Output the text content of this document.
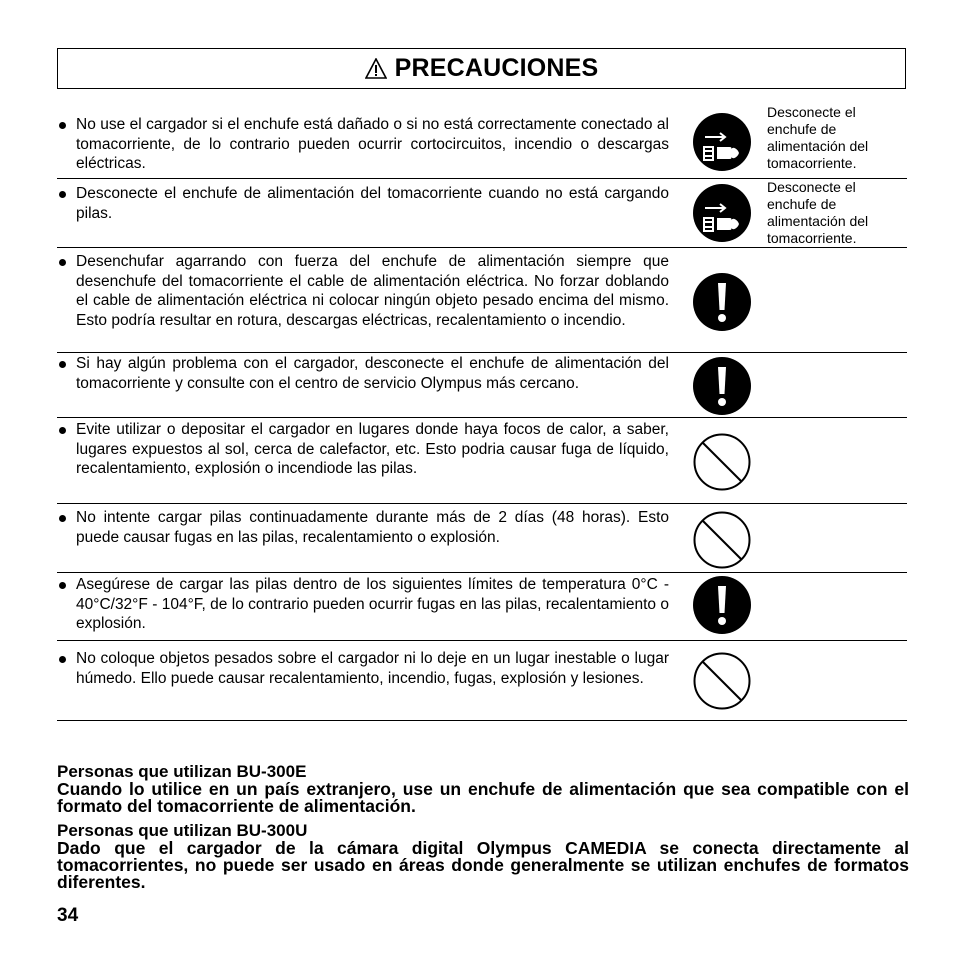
PRECAUCIONES
No use el cargador si el enchufe está dañado o si no está correctamente conectado al tomacorriente, de lo contrario pueden ocurrir cortocircuitos, incendio o descargas eléctricas.
Desconecte el enchufe de alimentación del tomacorriente.
Desconecte el enchufe de alimentación del tomacorriente cuando no está cargando pilas.
Desconecte el enchufe de alimentación del tomacorriente.
Desenchufar agarrando con fuerza del enchufe de alimentación siempre que desenchufe del tomacorriente el cable de alimentación eléctrica. No forzar doblando el cable de alimentación eléctrica ni colocar ningún objeto pesado encima del mismo. Esto podría resultar en rotura, descargas eléctricas, recalentamiento o incendio.
Si hay algún problema con el cargador, desconecte el enchufe de alimentación del tomacorriente y consulte con el centro de servicio Olympus más cercano.
Evite utilizar o depositar el cargador en lugares donde haya focos de calor, a saber, lugares expuestos al sol, cerca de calefactor, etc. Esto podria causar fuga de líquido, recalentamiento, explosión o incendiode las pilas.
No intente cargar pilas continuadamente durante más de 2 días (48 horas). Esto puede causar fugas en las pilas, recalentamiento o explosión.
Asegúrese de cargar las pilas dentro de los siguientes límites de temperatura 0°C - 40°C/32°F - 104°F, de lo contrario pueden ocurrir fugas en las pilas, recalentamiento o explosión.
No coloque objetos pesados sobre el cargador ni lo deje en un lugar inestable o lugar húmedo. Ello puede causar recalentamiento, incendio, fugas, explosión y lesiones.
Personas que utilizan BU-300E
Cuando lo utilice en un país extranjero, use un enchufe de alimentación que sea compatible con el formato del tomacorriente de alimentación.
Personas que utilizan BU-300U
Dado que el cargador de la cámara digital Olympus CAMEDIA se conecta directamente al tomacorrientes, no puede ser usado en áreas donde generalmente se utilizan enchufes de formatos diferentes.
34
